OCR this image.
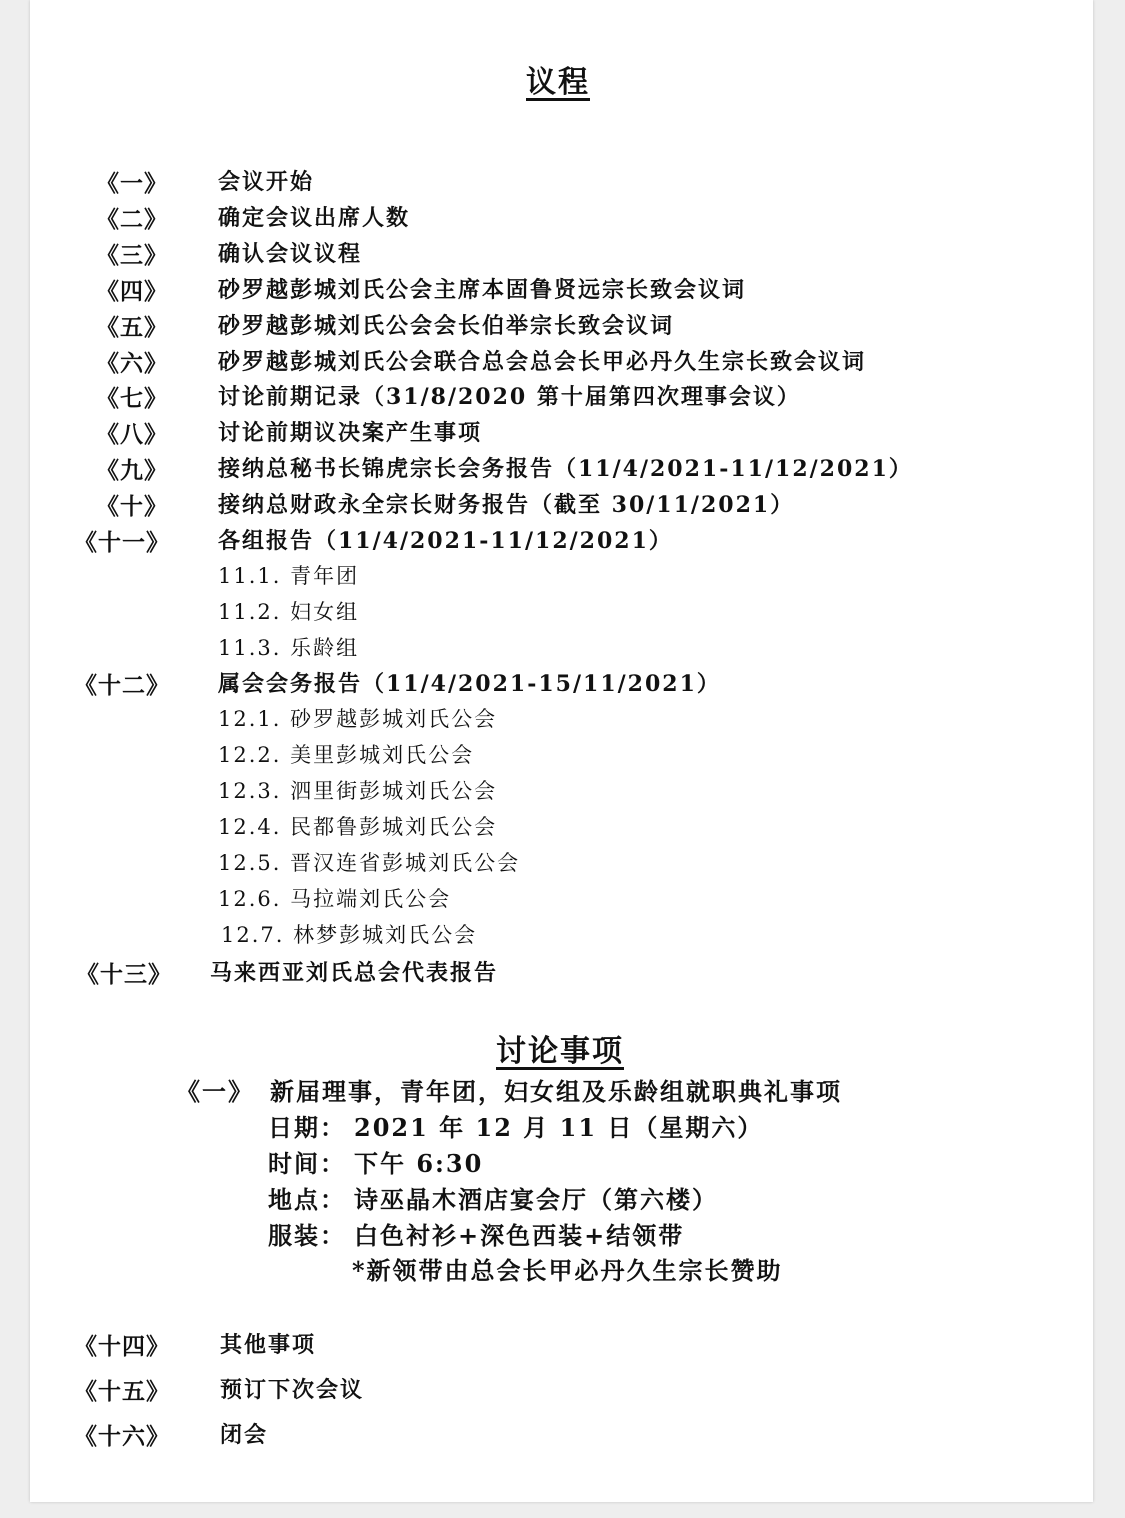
议程
《一》 会议开始
《二》 确定会议出席人数
《三》 确认会议议程
《四》 砂罗越彭城刘氏公会主席本固鲁贤远宗长致会议词
《五》 砂罗越彭城刘氏公会会长伯举宗长致会议词
《六》 砂罗越彭城刘氏公会联合总会总会长甲必丹久生宗长致会议词
《七》 讨论前期记录（31/8/2020 第十届第四次理事会议）
《八》 讨论前期议决案产生事项
《九》 接纳总秘书长锦虎宗长会务报告（11/4/2021-11/12/2021）
《十》 接纳总财政永全宗长财务报告（截至 30/11/2021）
《十一》 各组报告（11/4/2021-11/12/2021）
11.1. 青年团
11.2. 妇女组
11.3. 乐龄组
《十二》 属会会务报告（11/4/2021-15/11/2021）
12.1. 砂罗越彭城刘氏公会
12.2. 美里彭城刘氏公会
12.3. 泗里街彭城刘氏公会
12.4. 民都鲁彭城刘氏公会
12.5. 晋汉连省彭城刘氏公会
12.6. 马拉端刘氏公会
12.7. 林梦彭城刘氏公会
《十三》 马来西亚刘氏总会代表报告
讨论事项
《一》 新届理事，青年团，妇女组及乐龄组就职典礼事项
日期： 2021 年 12 月 11 日（星期六）
时间： 下午 6:30
地点： 诗巫晶木酒店宴会厅（第六楼）
服装： 白色衬衫+深色西装+结领带
*新领带由总会长甲必丹久生宗长赞助
《十四》 其他事项
《十五》 预订下次会议
《十六》 闭会
